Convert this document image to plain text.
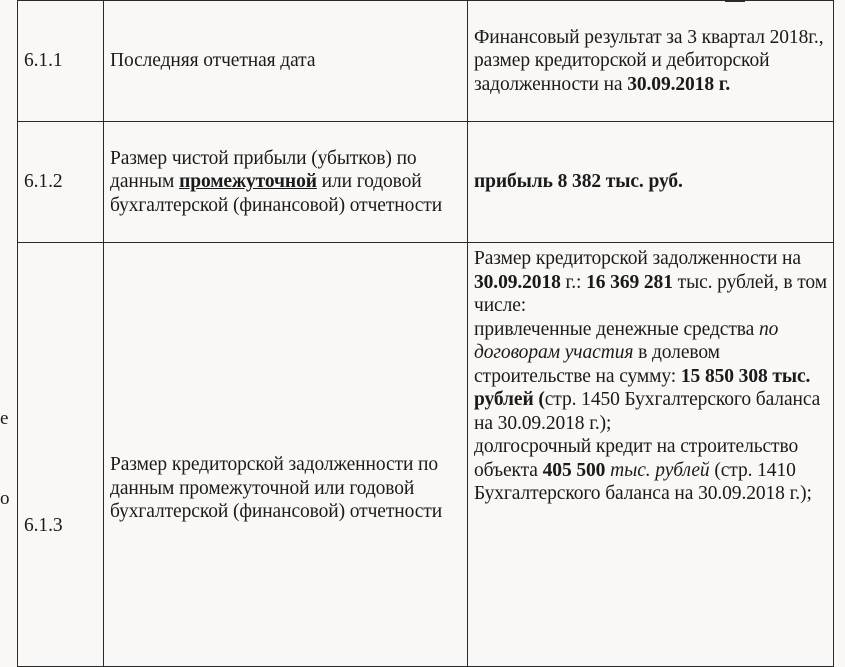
е
о
6.1.1	Последняя отчетная дата	Финансовый результат за 3 квартал 2018г., размер кредиторской и дебиторской задолженности на 30.09.2018 г.
6.1.2	Размер чистой прибыли (убытков) по данным промежуточной или годовой бухгалтерской (финансовой) отчетности	прибыль 8 382 тыс. руб.
6.1.3	Размер кредиторской задолженности по данным промежуточной или годовой бухгалтерской (финансовой) отчетности	Размер кредиторской задолженности на 30.09.2018 г.: 16 369 281 тыс. рублей, в том числе:
привлеченные денежные средства по договорам участия в долевом строительстве на сумму: 15 850 308 тыс. рублей (стр. 1450 Бухгалтерского баланса на 30.09.2018 г.);
долгосрочный кредит на строительство объекта 405 500 тыс. рублей (стр. 1410 Бухгалтерского баланса на 30.09.2018 г.);
